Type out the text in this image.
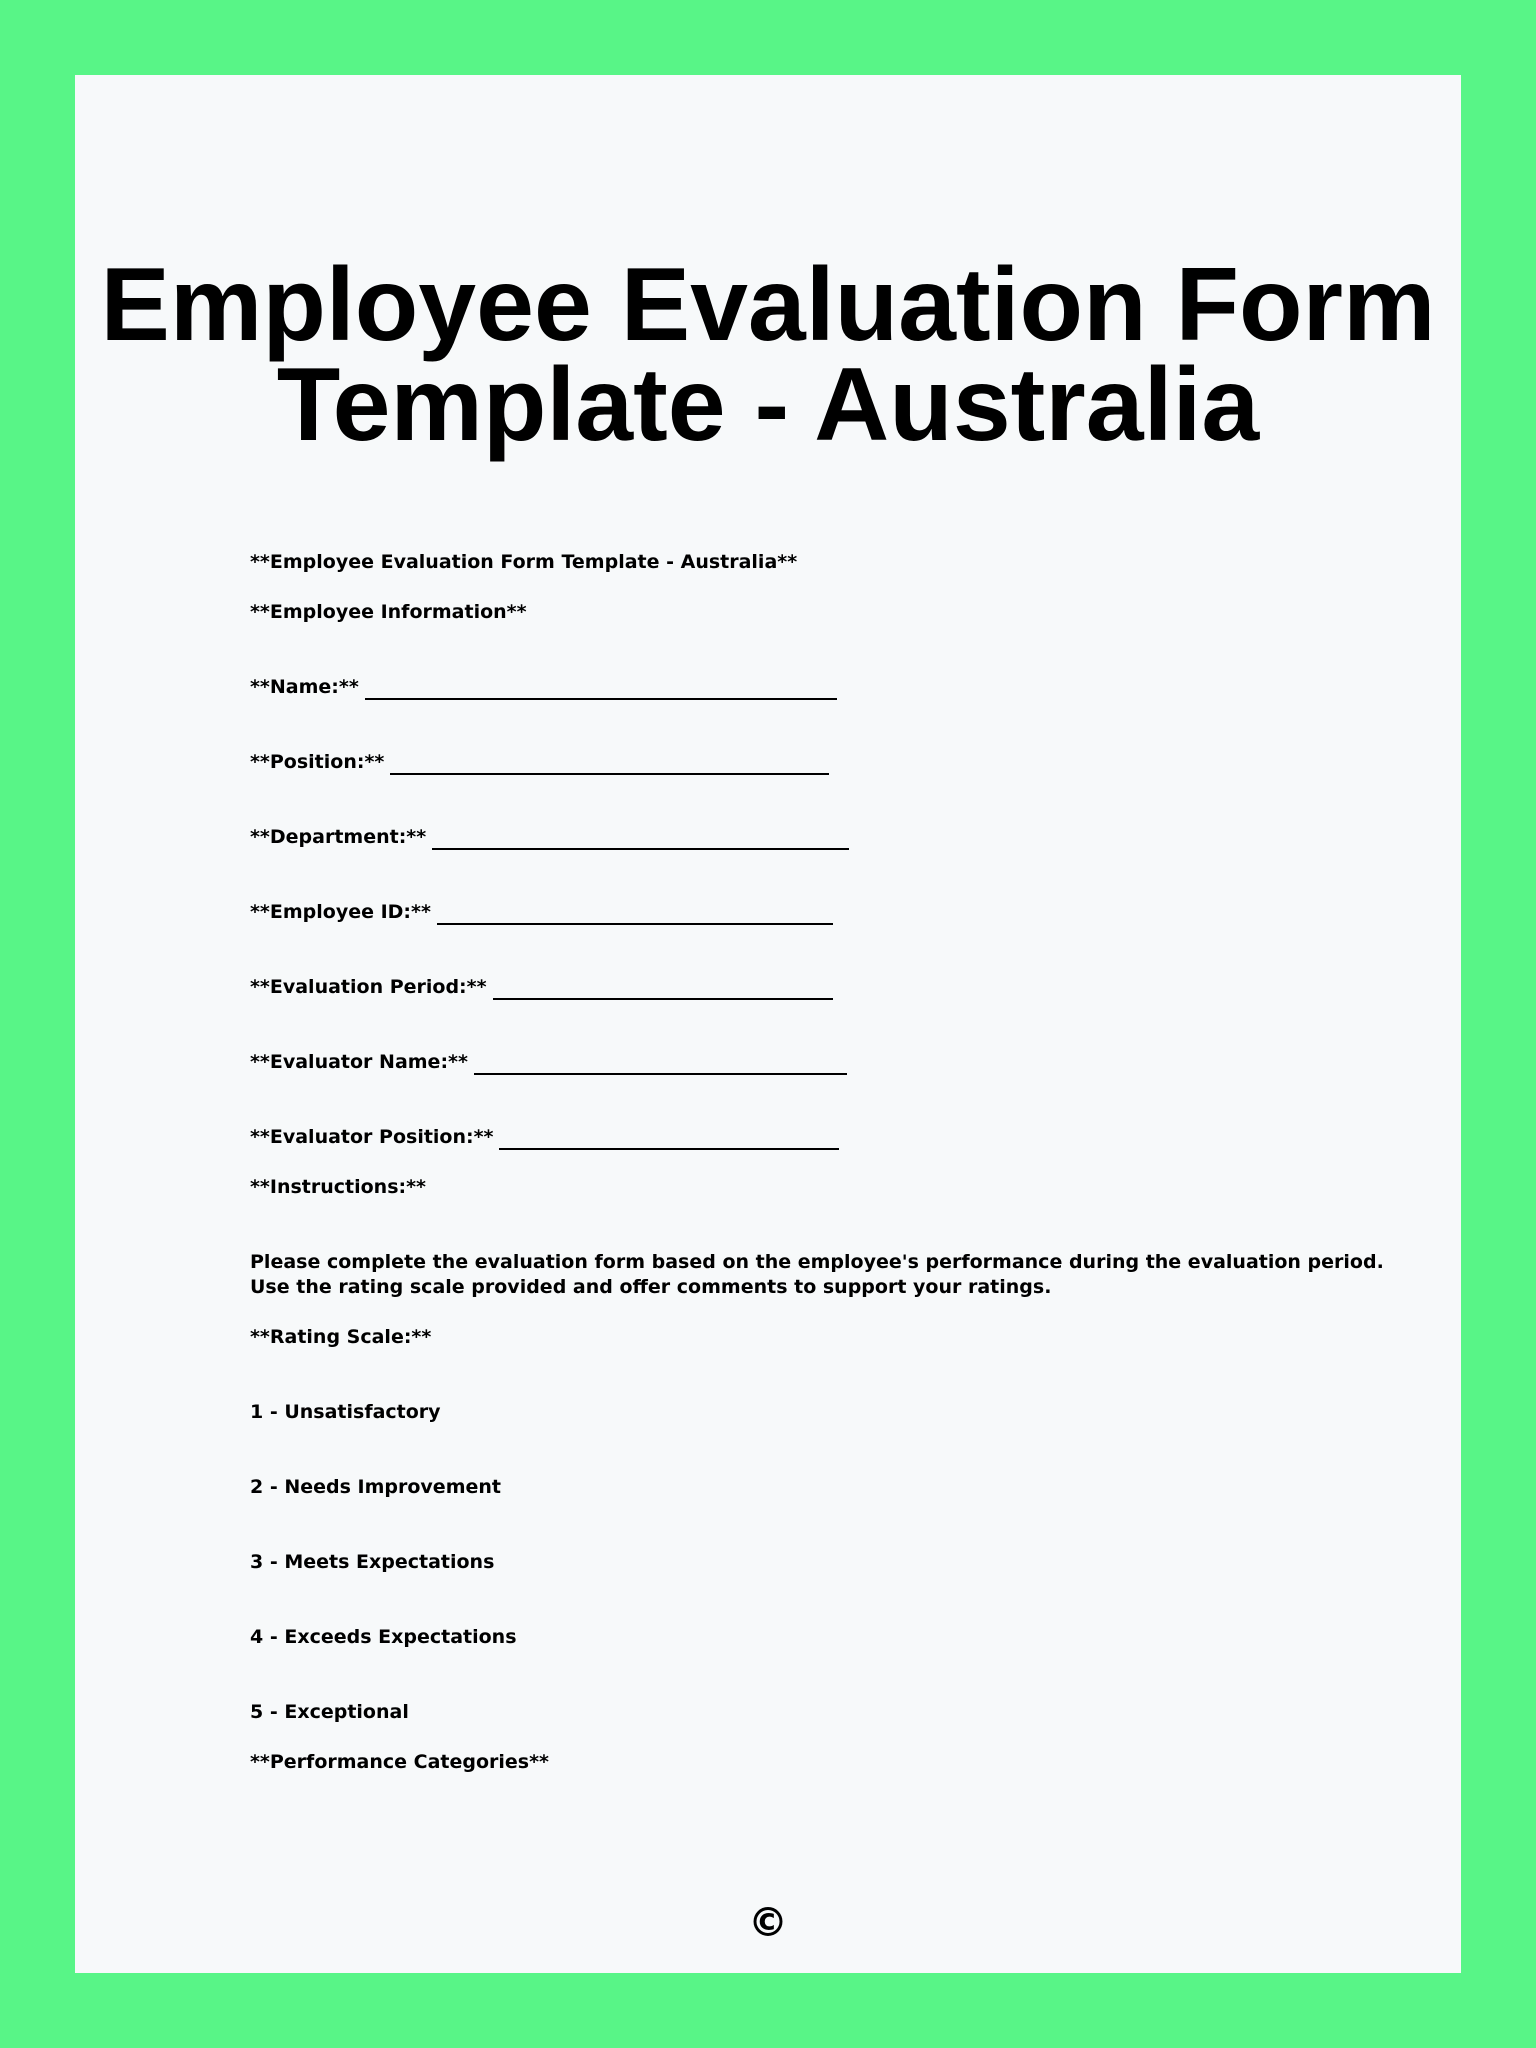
Employee Evaluation Form
Template - Australia
**Employee Evaluation Form Template - Australia**
**Employee Information**
**Name:**
**Position:**
**Department:**
**Employee ID:**
**Evaluation Period:**
**Evaluator Name:**
**Evaluator Position:**
**Instructions:**
Please complete the evaluation form based on the employee's performance during the evaluation period.
Use the rating scale provided and offer comments to support your ratings.
**Rating Scale:**
1 - Unsatisfactory
2 - Needs Improvement
3 - Meets Expectations
4 - Exceeds Expectations
5 - Exceptional
**Performance Categories**
©
